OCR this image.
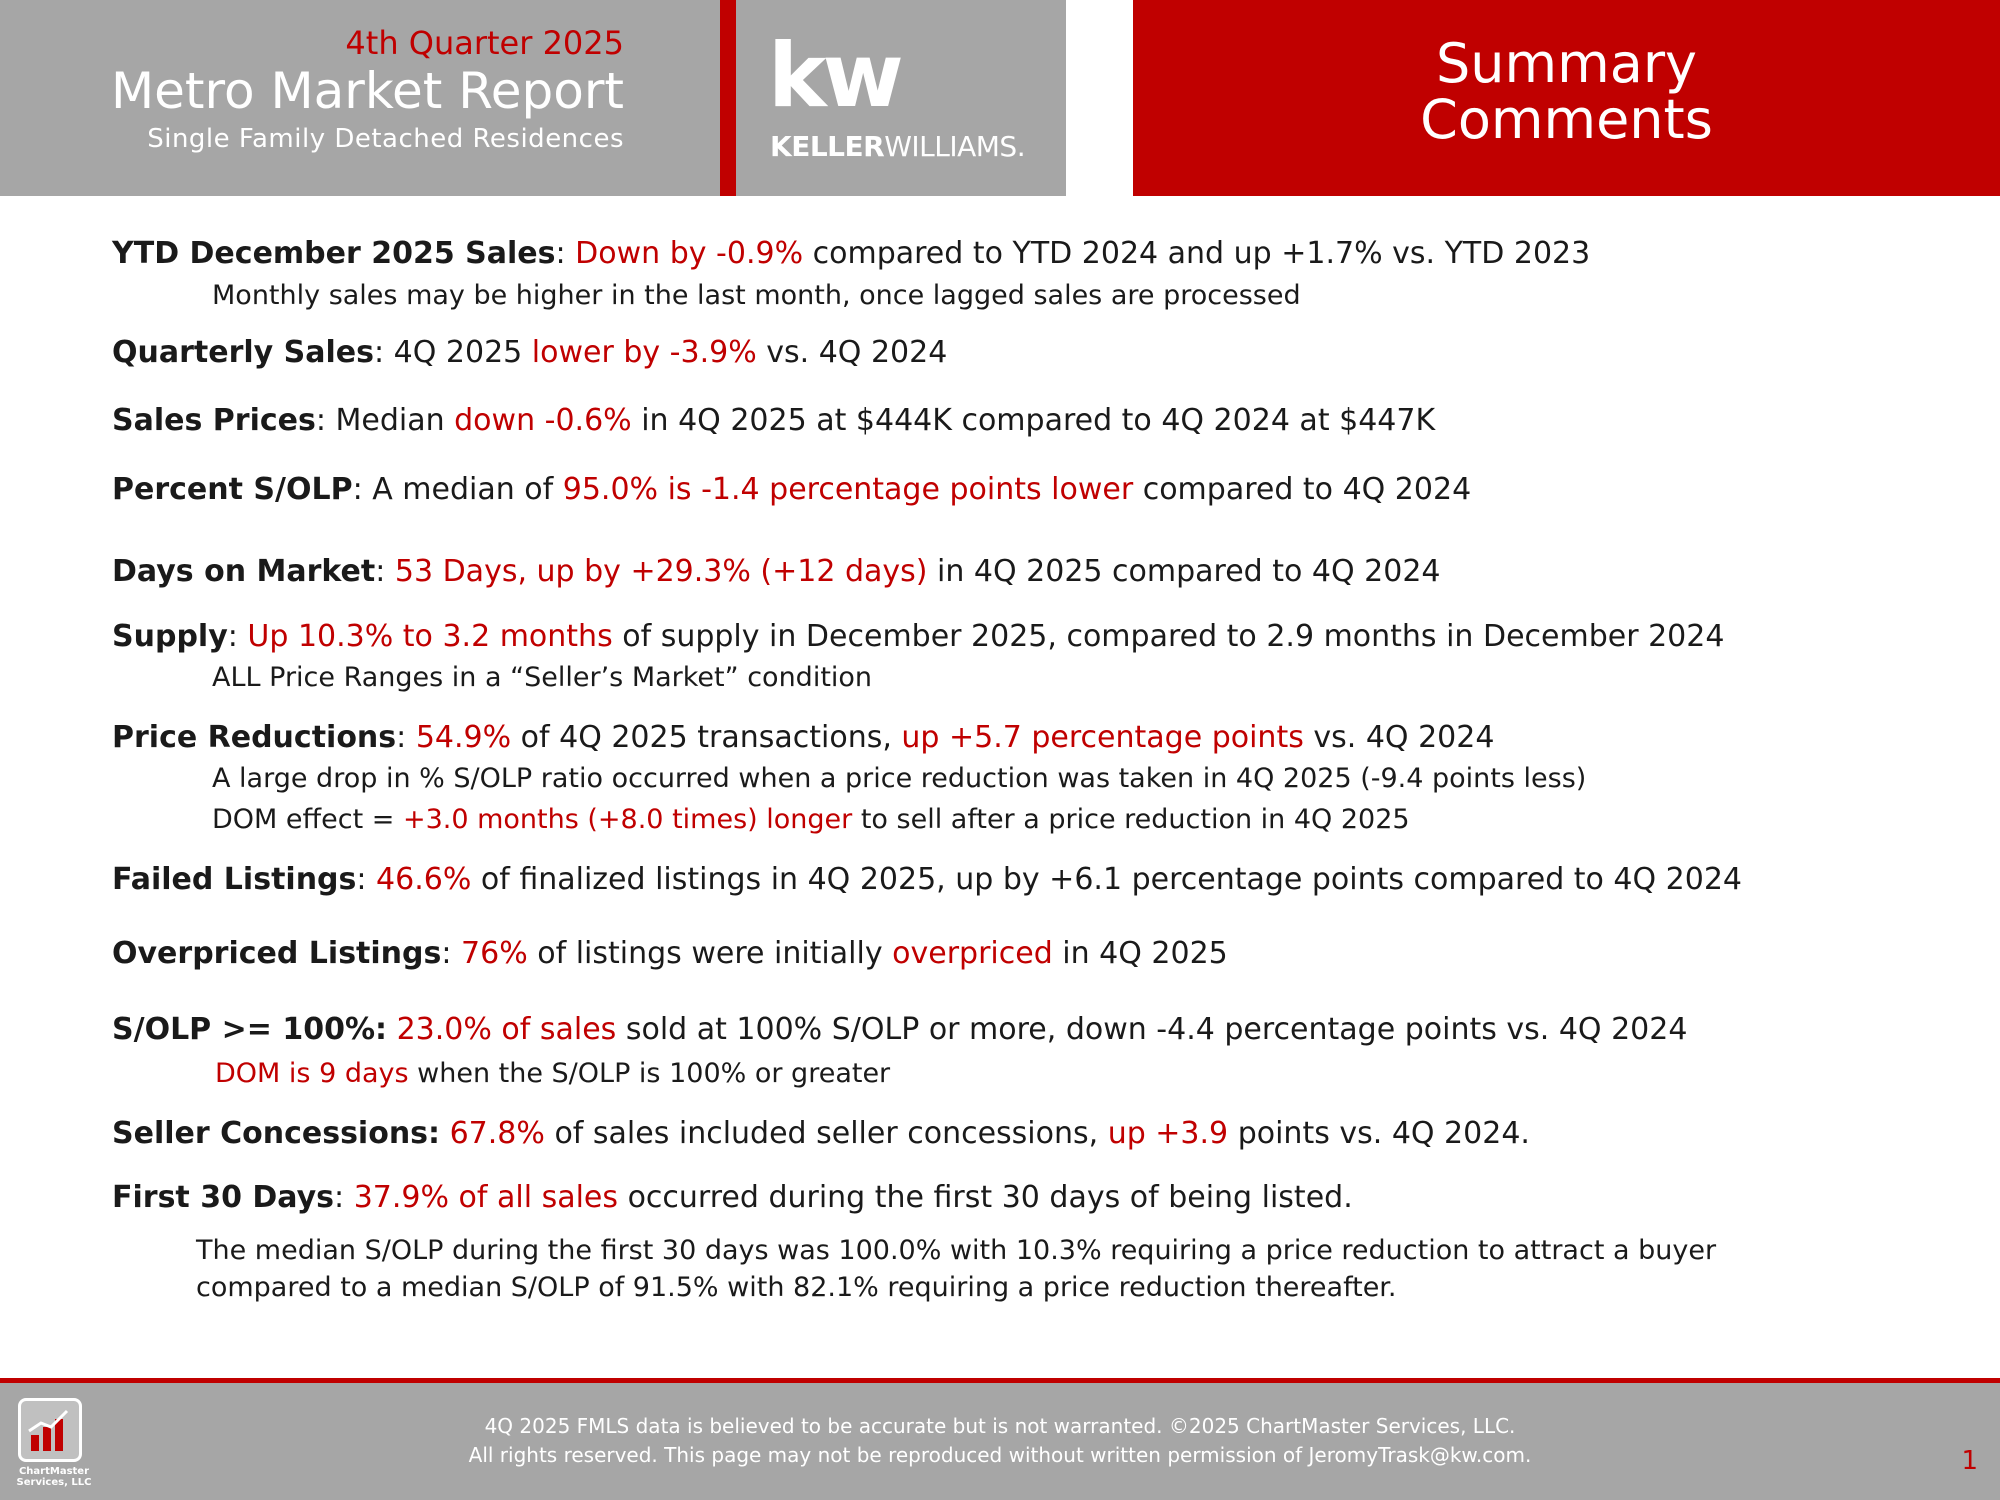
4th Quarter 2025
Metro Market Report
Single Family Detached Residences
kw
KELLERWILLIAMS.
Summary
Comments
YTD December 2025 Sales: Down by -0.9% compared to YTD 2024 and up +1.7% vs. YTD 2023
Monthly sales may be higher in the last month, once lagged sales are processed
Quarterly Sales: 4Q 2025 lower by -3.9% vs. 4Q 2024
Sales Prices: Median down -0.6% in 4Q 2025 at $444K compared to 4Q 2024 at $447K
Percent S/OLP: A median of 95.0% is -1.4 percentage points lower compared to 4Q 2024
Days on Market: 53 Days, up by +29.3% (+12 days) in 4Q 2025 compared to 4Q 2024
Supply: Up 10.3% to 3.2 months of supply in December 2025, compared to 2.9 months in December 2024
ALL Price Ranges in a “Seller’s Market” condition
Price Reductions: 54.9% of 4Q 2025 transactions, up +5.7 percentage points vs. 4Q 2024
A large drop in % S/OLP ratio occurred when a price reduction was taken in 4Q 2025 (-9.4 points less)
DOM effect = +3.0 months (+8.0 times) longer to sell after a price reduction in 4Q 2025
Failed Listings: 46.6% of finalized listings in 4Q 2025, up by +6.1 percentage points compared to 4Q 2024
Overpriced Listings: 76% of listings were initially overpriced in 4Q 2025
S/OLP >= 100%: 23.0% of sales sold at 100% S/OLP or more, down -4.4 percentage points vs. 4Q 2024
DOM is 9 days when the S/OLP is 100% or greater
Seller Concessions: 67.8% of sales included seller concessions, up +3.9 points vs. 4Q 2024.
First 30 Days: 37.9% of all sales occurred during the first 30 days of being listed.
The median S/OLP during the first 30 days was 100.0% with 10.3% requiring a price reduction to attract a buyer
compared to a median S/OLP of 91.5% with 82.1% requiring a price reduction thereafter.
ChartMaster Services, LLC
4Q 2025 FMLS data is believed to be accurate but is not warranted. ©2025 ChartMaster Services, LLC.
All rights reserved. This page may not be reproduced without written permission of JeromyTrask@kw.com.	1
